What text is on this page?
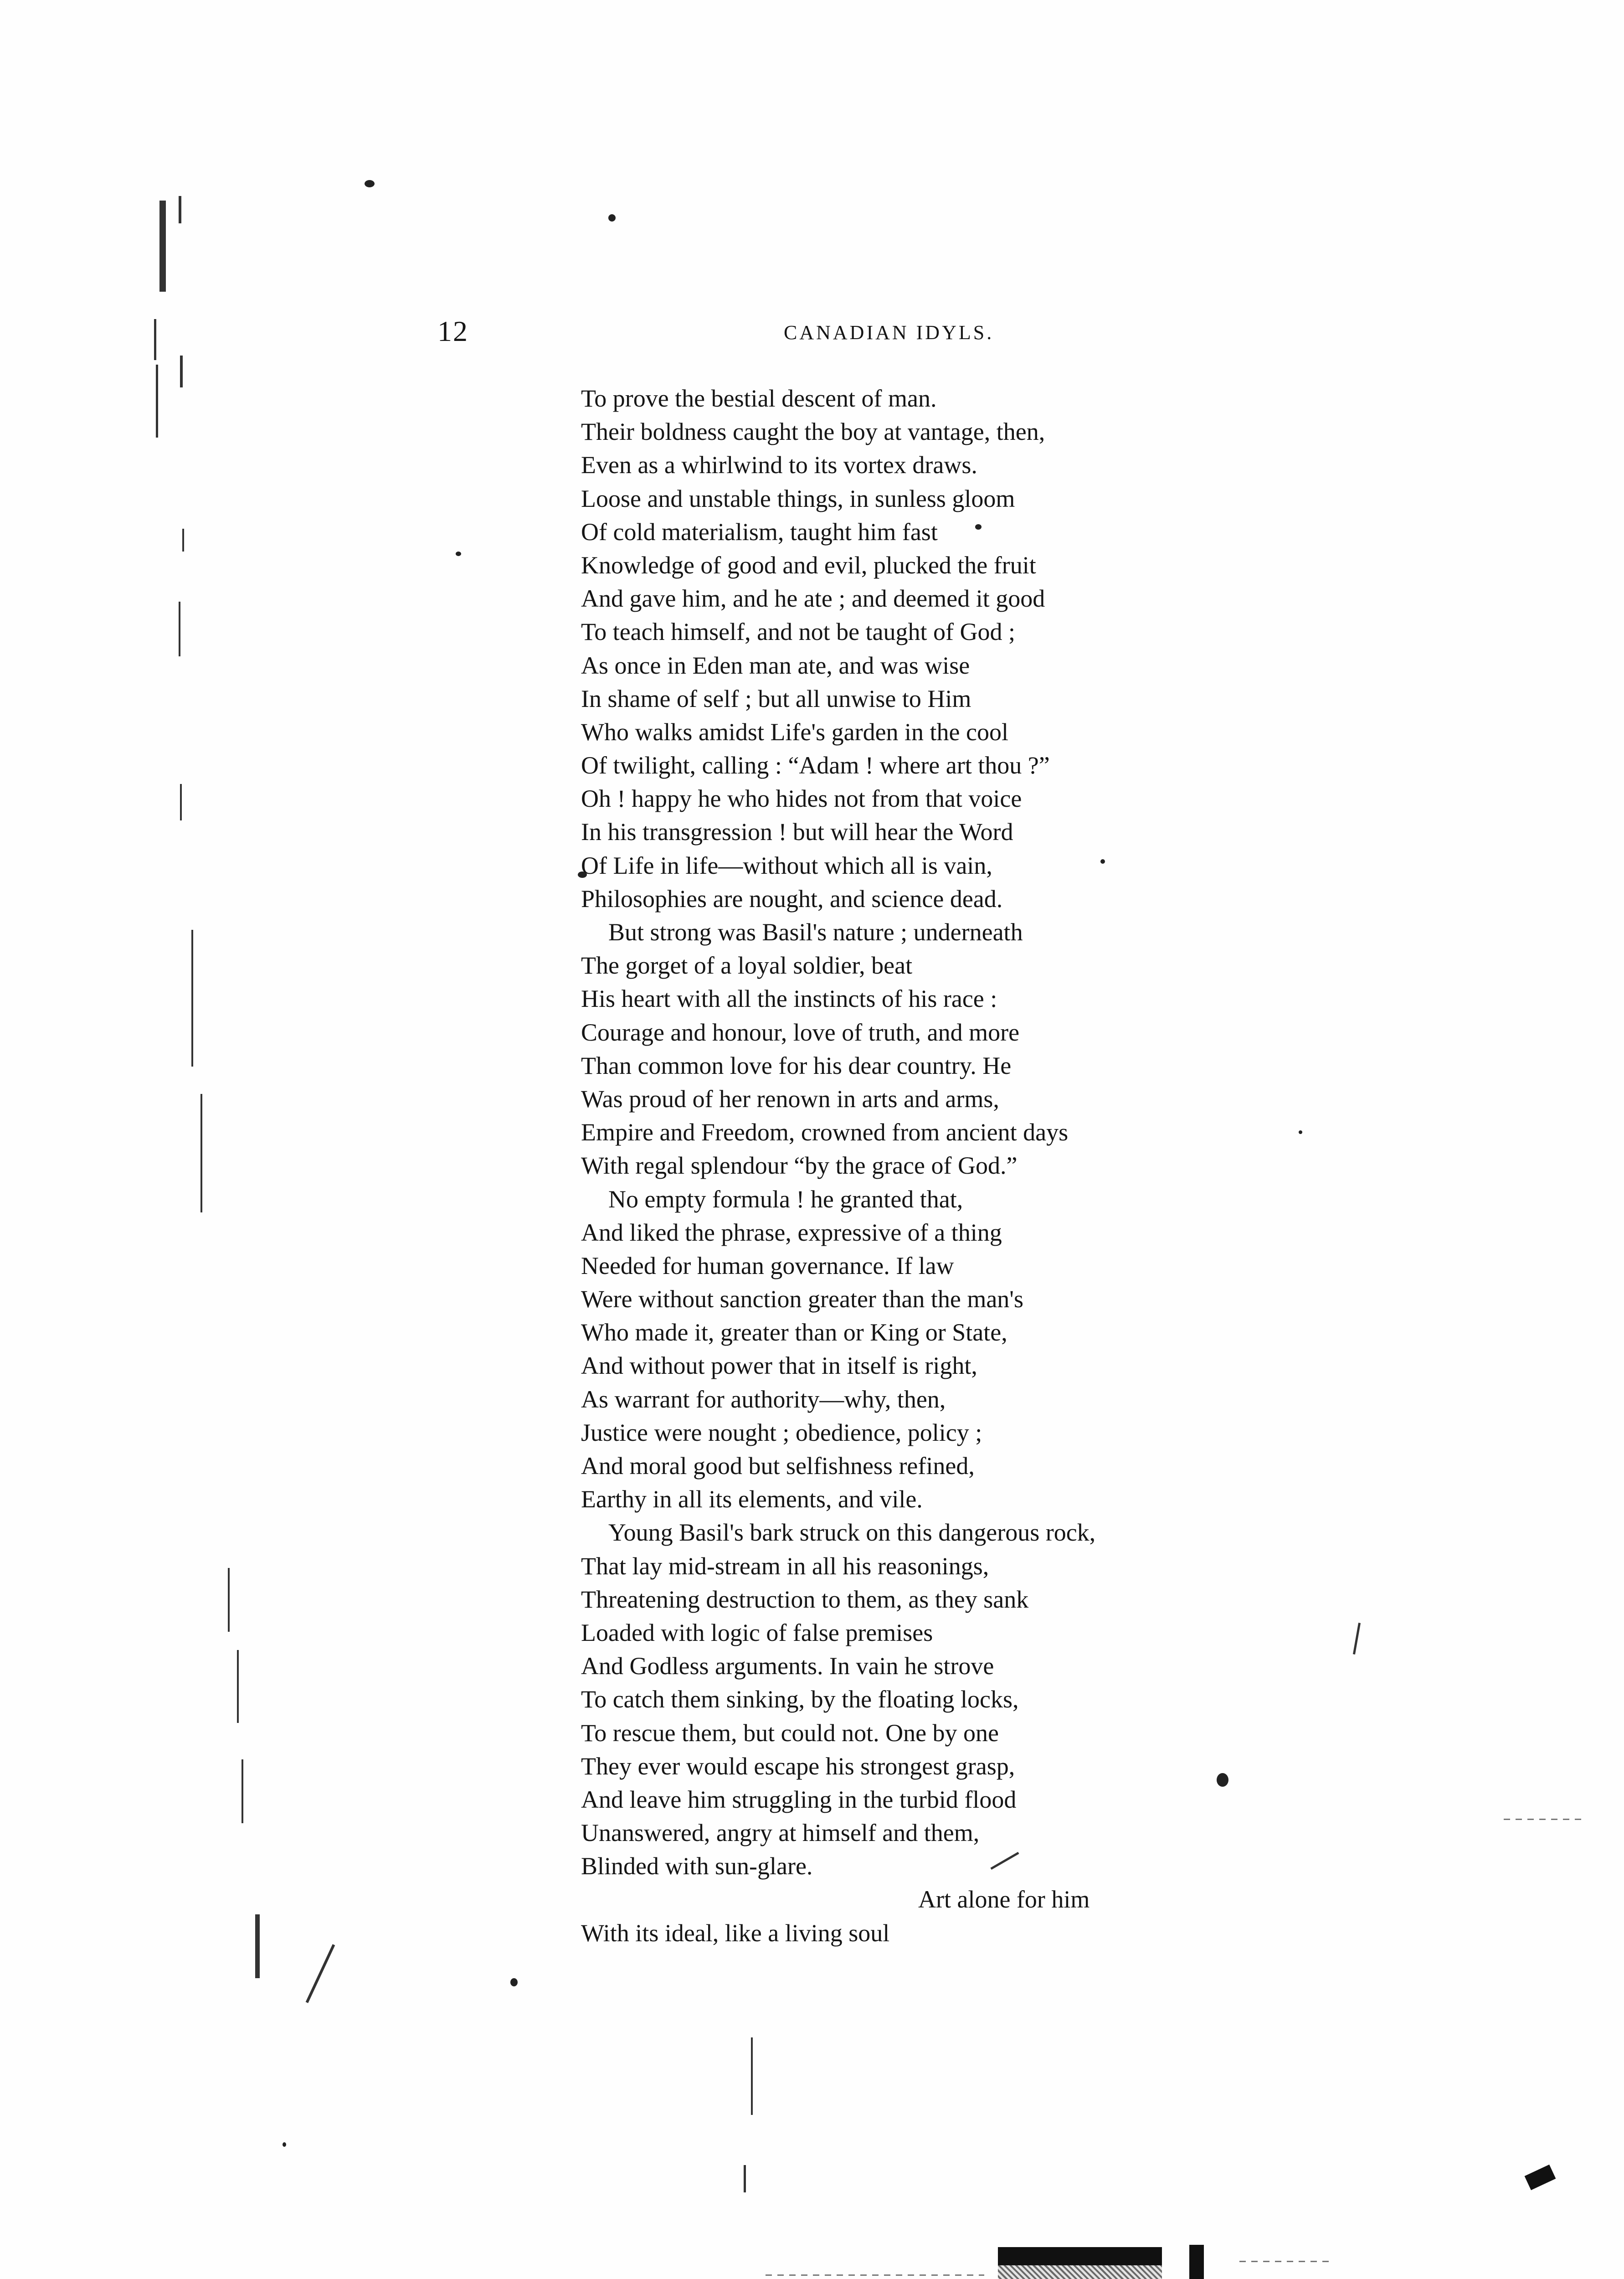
12	CANADIAN IDYLS.
To prove the bestial descent of man.
Their boldness caught the boy at vantage, then,
Even as a whirlwind to its vortex draws.
Loose and unstable things, in sunless gloom
Of cold materialism, taught him fast
Knowledge of good and evil, plucked the fruit
And gave him, and he ate ; and deemed it good
To teach himself, and not be taught of God ;
As once in Eden man ate, and was wise
In shame of self ; but all unwise to Him
Who walks amidst Life's garden in the cool
Of twilight, calling : “Adam ! where art thou ?”
Oh ! happy he who hides not from that voice
In his transgression ! but will hear the Word
Of Life in life—without which all is vain,
Philosophies are nought, and science dead.
But strong was Basil's nature ; underneath
The gorget of a loyal soldier, beat
His heart with all the instincts of his race :
Courage and honour, love of truth, and more
Than common love for his dear country. He
Was proud of her renown in arts and arms,
Empire and Freedom, crowned from ancient days
With regal splendour “by the grace of God.”
No empty formula ! he granted that,
And liked the phrase, expressive of a thing
Needed for human governance. If law
Were without sanction greater than the man's
Who made it, greater than or King or State,
And without power that in itself is right,
As warrant for authority—why, then,
Justice were nought ; obedience, policy ;
And moral good but selfishness refined,
Earthy in all its elements, and vile.
Young Basil's bark struck on this dangerous rock,
That lay mid-stream in all his reasonings,
Threatening destruction to them, as they sank
Loaded with logic of false premises
And Godless arguments. In vain he strove
To catch them sinking, by the floating locks,
To rescue them, but could not. One by one
They ever would escape his strongest grasp,
And leave him struggling in the turbid flood
Unanswered, angry at himself and them,
Blinded with sun-glare.
Art alone for him
With its ideal, like a living soul
